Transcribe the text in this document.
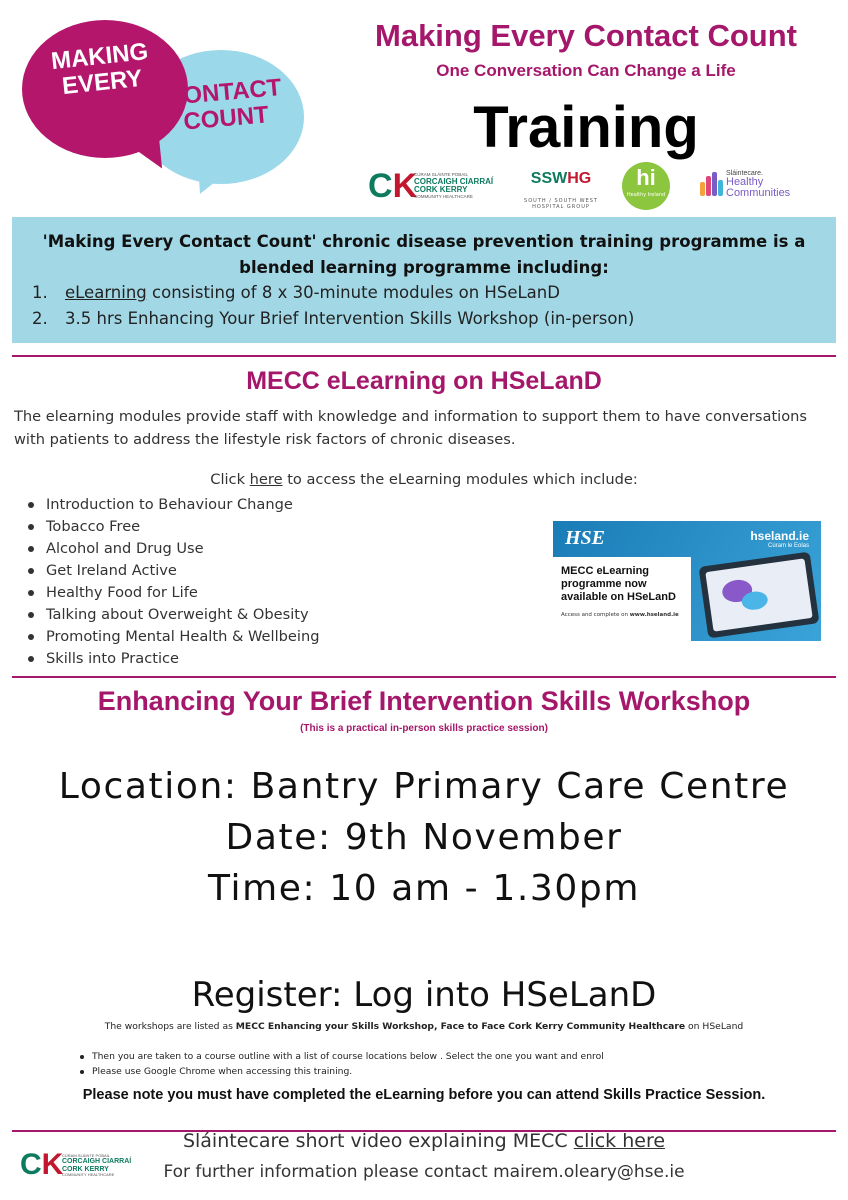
MAKING EVERY CONTACT COUNT
Making Every Contact Count
One Conversation Can Change a Life
Training
CK
CÚRAM SLÁINTE POBAIL
CORCAIGH CIARRAÍ
CORK KERRY
COMMUNITY HEALTHCARE
SSWHG
SOUTH / SOUTH WEST HOSPITAL GROUP
hi
Healthy Ireland
Sláintecare.
Healthy
Communities
'Making Every Contact Count' chronic disease prevention training programme is a blended learning programme including:
1.	eLearning consisting of 8 x 30-minute modules on HSeLanD
2.	3.5 hrs Enhancing Your Brief Intervention Skills Workshop (in-person)
MECC eLearning on HSeLanD
The elearning modules provide staff with knowledge and information to support them to have conversations with patients to address the lifestyle risk factors of chronic diseases.
Click here to access the eLearning modules which include:
Introduction to Behaviour Change
Tobacco Free
Alcohol and Drug Use
Get Ireland Active
Healthy Food for Life
Talking about Overweight & Obesity
Promoting Mental Health & Wellbeing
Skills into Practice
HSE	hseland.ie
Cúram le Eolas
MECC eLearning programme now available on HSeLanD
Access and complete on www.hseland.ie
Enhancing Your Brief Intervention Skills Workshop
(This is a practical in-person skills practice session)
Location: Bantry Primary Care Centre
Date: 9th November
Time: 10 am - 1.30pm
Register: Log into HSeLanD
The workshops are listed as MECC Enhancing your Skills Workshop, Face to Face Cork Kerry Community Healthcare on HSeLand
Then you are taken to a course outline with a list of course locations below . Select the one you want and enrol
Please use Google Chrome when accessing this training.
Please note you must have completed the eLearning before you can attend Skills Practice Session.
CK
CÚRAM SLÁINTE POBAIL
CORCAIGH CIARRAÍ
CORK KERRY
COMMUNITY HEALTHCARE
Sláintecare short video explaining MECC click here
For further information please contact mairem.oleary@hse.ie
